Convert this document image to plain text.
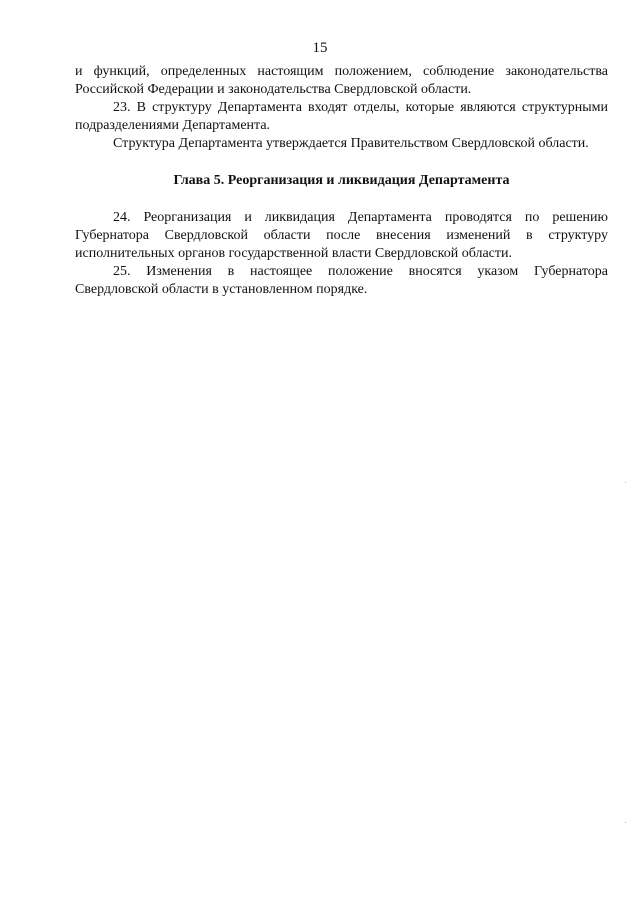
15

и функций, определенных настоящим положением, соблюдение законодательства Российской Федерации и законодательства Свердловской области.

23. В структуру Департамента входят отделы, которые являются структурными подразделениями Департамента.

Структура Департамента утверждается Правительством Свердловской области.

Глава 5. Реорганизация и ликвидация Департамента

24. Реорганизация и ликвидация Департамента проводятся по решению Губернатора Свердловской области после внесения изменений в структуру исполнительных органов государственной власти Свердловской области.

25. Изменения в настоящее положение вносятся указом Губернатора Свердловской области в установленном порядке.
